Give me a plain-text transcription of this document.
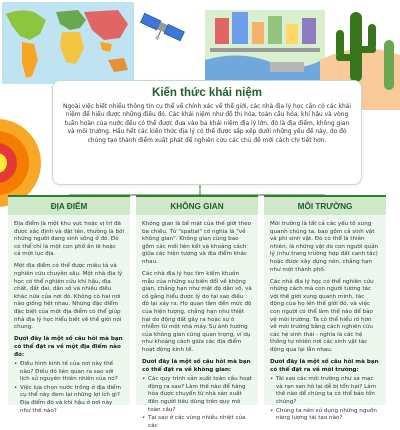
Kiến thức khái niệm
Ngoài việc biết nhiều thông tin cụ thể về chính xác về thế giới, các nhà địa lý học cần có các khái niệm để hiểu được những điều đó. Các khái niệm như đồ thị hóa, toàn cầu hóa, khí hậu và vòng tuần hoàn của nước đều có thể được đưa vào ba khái niệm địa lý lớn, đó là địa điểm, không gian và môi trường. Hầu hết các kiến thức địa lý có thể được sắp xếp dưới những yếu đề này, do đó chúng tạo thành điểm xuất phát để nghiên cứu các chủ đề mới cách chi tiết hơn.
ĐỊA ĐIỂM

Địa điểm là một khu vực hoặc vị trí đã được xác định và đặt tên, thường là bởi những người đang sinh sống ở đó. Đó có thể chỉ là một con phố ấn lẽ hoặc cả một lục địa.

Một địa điểm có thể được miêu tả và nghiên cứu chuyên sâu. Một nhà địa lý học có thể nghiên cứu khí hậu, địa chất, đất đai, dân số và nhiều điều khác nữa của nơi đó. Không có hai nơi nào giống hệt nhau. Những đặc điểm đặc biệt của một địa điểm có thể giúp nhà địa lý học hiểu biết về thế giới nói chung.

Dưới đây là một số câu hỏi mà bạn có thể đặt ra về một địa điểm nào đó:
• Điều hình kinh tế của nơi này thế nào? Điều đó liên quan ra sao với lịch sử nguyên thiên nhiên của nó?
• Việc lựa chọn nước trồng ở địa điểm cụ thể này đem lại những lợi ích gì? Địa điểm đó và khí hậu ở nơi này như thế nào?
KHÔNG GIAN

Không gian là bề mặt của thế giới theo ba chiều. Từ "spatial" có nghĩa là "về không gian". Không gian cùng bao gồm các mối liên kết và khoảng cách giữa các hiện tượng và địa điểm khác nhau.

Các nhà địa lý học tìm kiếm khuôn mẫu của những sự biến đổi về không gian, chẳng hạn như mật độ dân số, và cố gắng hiểu được lý do tại sao điều đó lại xảy ra. Họ quan tâm đến mức độ của hiện tượng, chẳng hạn như thiệt hại do động đất gây ra hoặc sự ô nhiễm từ một nhà máy. Sự ảnh hưởng của không gian cũng quan trọng, ví dụ như khoảng cách giữa các địa điểm hoạt động kinh tế.

Dưới đây là một số câu hỏi mà bạn có thể đặt ra về không gian:
• Các quy trình sản xuất toàn cầu hoạt động ra sao? Làm thế nào để hàng hóa được chuyển từ nhà sản xuất đến người tiêu dùng trên quy mô toàn cầu?
• Tại sao ở các vùng nhiều nhiệt của các
MÔI TRƯỜNG

Môi trường là tất cả các yếu tố xung quanh chúng ta, bao gồm cả sinh vật và phi sinh vật. Đó có thể là thiên nhiên, là những vật do con người quản lý (như trang trường hợp đất canh tác) hoặc được xây dựng nên, chẳng hạn như một thành phố.

Các nhà địa lý học có thể nghiên cứu những cách mà con người tương tác với thế giới xung quanh mình, tác động của họ lên thế giới đó, và việc con người có thể làm thế nào để bảo vệ môi trường. Ta có thể hiểu rõ hơn về môi trường bằng cách nghiên cứu các hệ sinh thái - nghĩa là các hệ thống tự nhiên nơi các sinh vật tác động qua lại lẫn nhau.

Dưới đây là một số câu hỏi mà bạn có thể đặt ra về môi trường:
• Tài sao các môi trường như sa mạc và rạn san hô lại dễ bị tổn hại? Làm thế nào để chúng ta có thể bảo tồn chúng?
• Chúng ta nên sử dụng những nguồn năng lượng tái tạo nào?
